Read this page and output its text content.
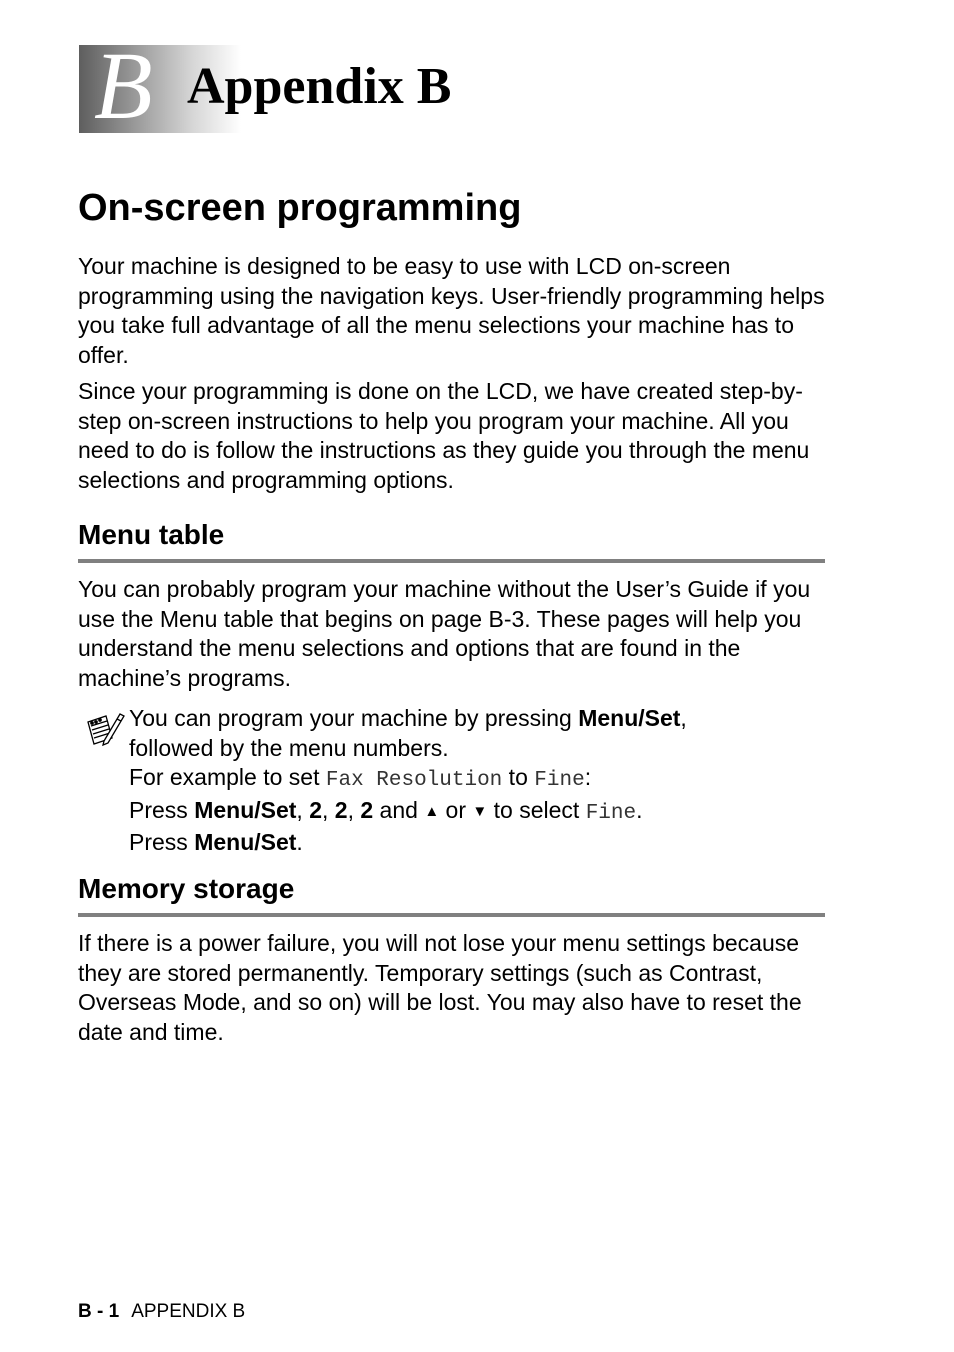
B Appendix B
On-screen programming

Your machine is designed to be easy to use with LCD on-screen programming using the navigation keys. User-friendly programming helps you take full advantage of all the menu selections your machine has to offer.

Since your programming is done on the LCD, we have created step-by-step on-screen instructions to help you program your machine. All you need to do is follow the instructions as they guide you through the menu selections and programming options.

Menu table

You can probably program your machine without the User’s Guide if you use the Menu table that begins on page B-3. These pages will help you understand the menu selections and options that are found in the machine’s programs.

You can program your machine by pressing Menu/Set,
followed by the menu numbers.
For example to set Fax Resolution to Fine:
Press Menu/Set, 2, 2, 2 and ▲ or ▼ to select Fine.
Press Menu/Set.
Memory storage

If there is a power failure, you will not lose your menu settings because they are stored permanently. Temporary settings (such as Contrast, Overseas Mode, and so on) will be lost. You may also have to reset the date and time.

B - 1 APPENDIX B
